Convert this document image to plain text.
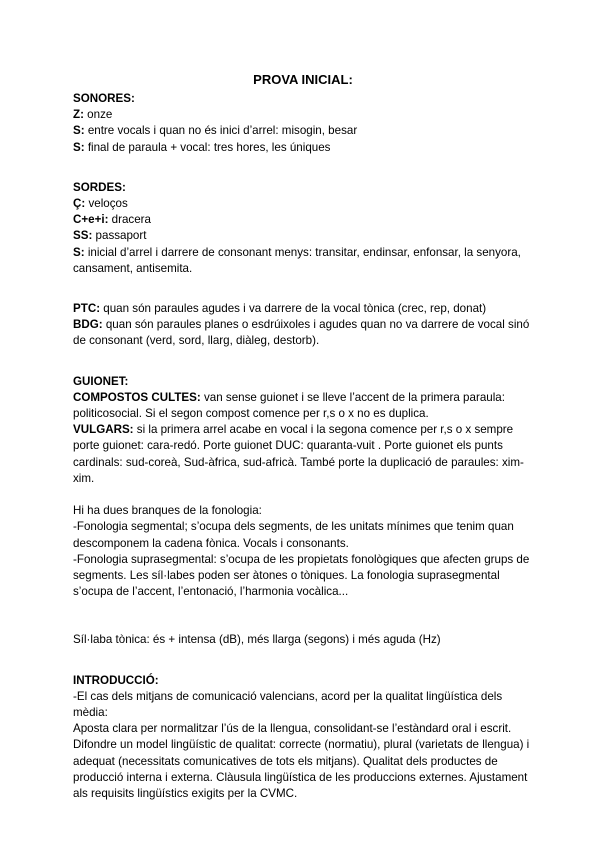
PROVA INICIAL:
SONORES:

Z: onze

S: entre vocals i quan no és inici d’arrel: misogin, besar

S: final de paraula + vocal: tres hores, les úniques

SORDES:

Ç: veloços

C+e+i: dracera

SS: passaport

S: inicial d’arrel i darrere de consonant menys: transitar, endinsar, enfonsar, la senyora, cansament, antisemita.

PTC: quan són paraules agudes i va darrere de la vocal tònica (crec, rep, donat)

BDG: quan són paraules planes o esdrúixoles i agudes quan no va darrere de vocal sinó de consonant (verd, sord, llarg, diàleg, destorb).

GUIONET:

COMPOSTOS CULTES: van sense guionet i se lleve l’accent de la primera paraula: politicosocial. Si el segon compost comence per r,s o x no es duplica.

VULGARS: si la primera arrel acabe en vocal i la segona comence per r,s o x sempre porte guionet: cara-redó. Porte guionet DUC: quaranta-vuit . Porte guionet els punts cardinals: sud-coreà, Sud-àfrica, sud-africà. També porte la duplicació de paraules: xim-xim.

Hi ha dues branques de la fonologia:

-Fonologia segmental; s’ocupa dels segments, de les unitats mínimes que tenim quan descomponem la cadena fònica. Vocals i consonants.

-Fonologia suprasegmental: s’ocupa de les propietats fonològiques que afecten grups de segments. Les síl·labes poden ser àtones o tòniques. La fonologia suprasegmental s’ocupa de l’accent, l’entonació, l’harmonia vocàlica...

Síl·laba tònica: és + intensa (dB), més llarga (segons) i més aguda (Hz)

INTRODUCCIÓ:

-El cas dels mitjans de comunicació valencians, acord per la qualitat lingüística dels mèdia:

Aposta clara per normalitzar l’ús de la llengua, consolidant-se l’estàndard oral i escrit. Difondre un model lingüístic de qualitat: correcte (normatiu), plural (varietats de llengua) i adequat (necessitats comunicatives de tots els mitjans). Qualitat dels productes de producció interna i externa. Clàusula lingüística de les produccions externes. Ajustament als requisits lingüístics exigits per la CVMC.
